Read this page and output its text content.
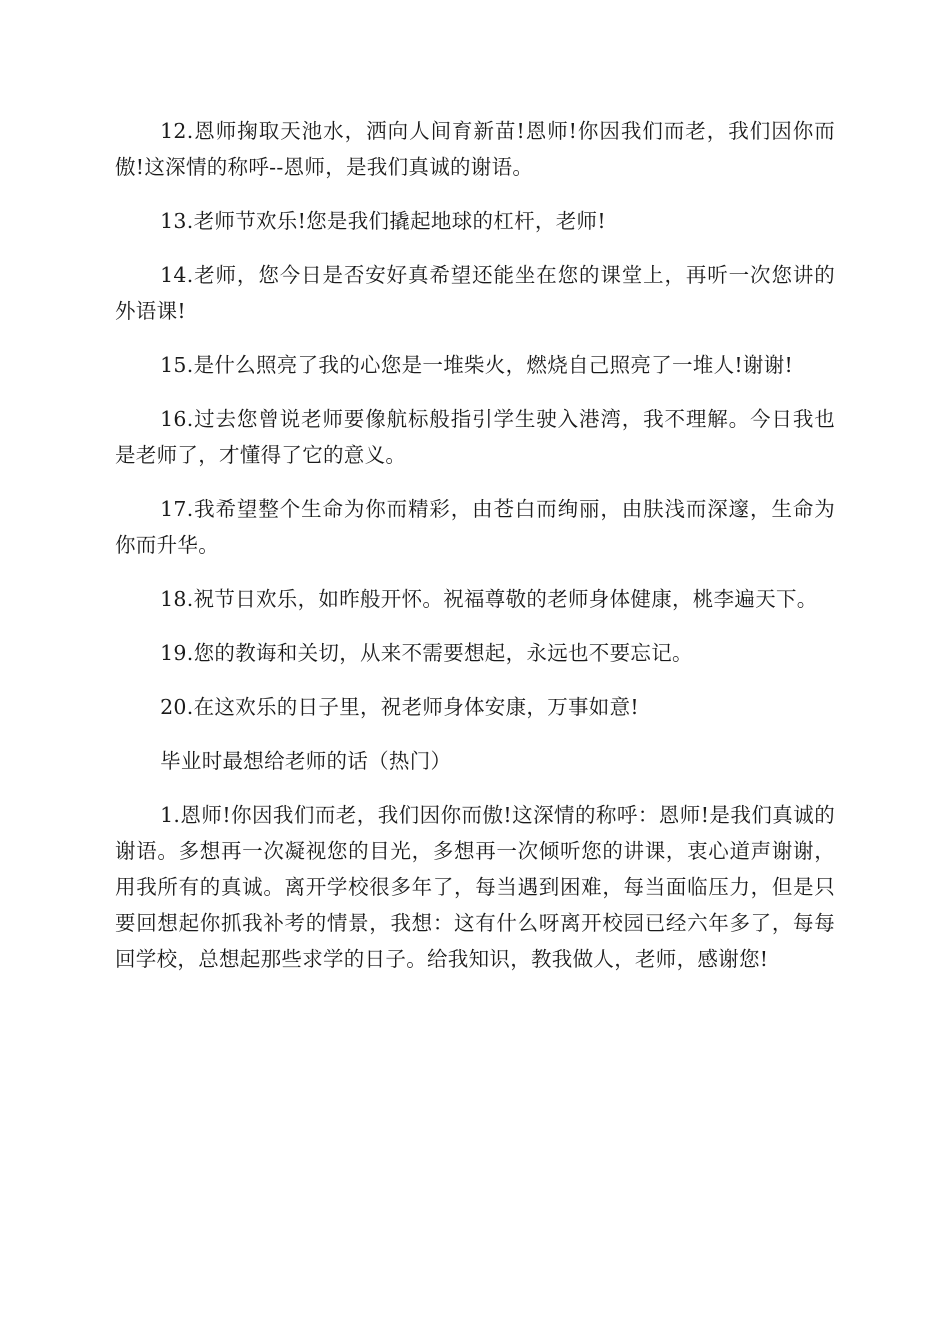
12.恩师掬取天池水，洒向人间育新苗!恩师!你因我们而老，我们因你而傲!这深情的称呼--恩师，是我们真诚的谢语。

13.老师节欢乐!您是我们撬起地球的杠杆，老师!

14.老师，您今日是否安好真希望还能坐在您的课堂上，再听一次您讲的外语课!

15.是什么照亮了我的心您是一堆柴火，燃烧自己照亮了一堆人!谢谢!

16.过去您曾说老师要像航标般指引学生驶入港湾，我不理解。今日我也是老师了，才懂得了它的意义。

17.我希望整个生命为你而精彩，由苍白而绚丽，由肤浅而深邃，生命为你而升华。

18.祝节日欢乐，如昨般开怀。祝福尊敬的老师身体健康，桃李遍天下。

19.您的教诲和关切，从来不需要想起，永远也不要忘记。

20.在这欢乐的日子里，祝老师身体安康，万事如意!

毕业时最想给老师的话（热门）

1.恩师!你因我们而老，我们因你而傲!这深情的称呼：恩师!是我们真诚的谢语。多想再一次凝视您的目光，多想再一次倾听您的讲课，衷心道声谢谢，用我所有的真诚。离开学校很多年了，每当遇到困难，每当面临压力，但是只要回想起你抓我补考的情景，我想：这有什么呀离开校园已经六年多了，每每回学校，总想起那些求学的日子。给我知识，教我做人，老师，感谢您!
